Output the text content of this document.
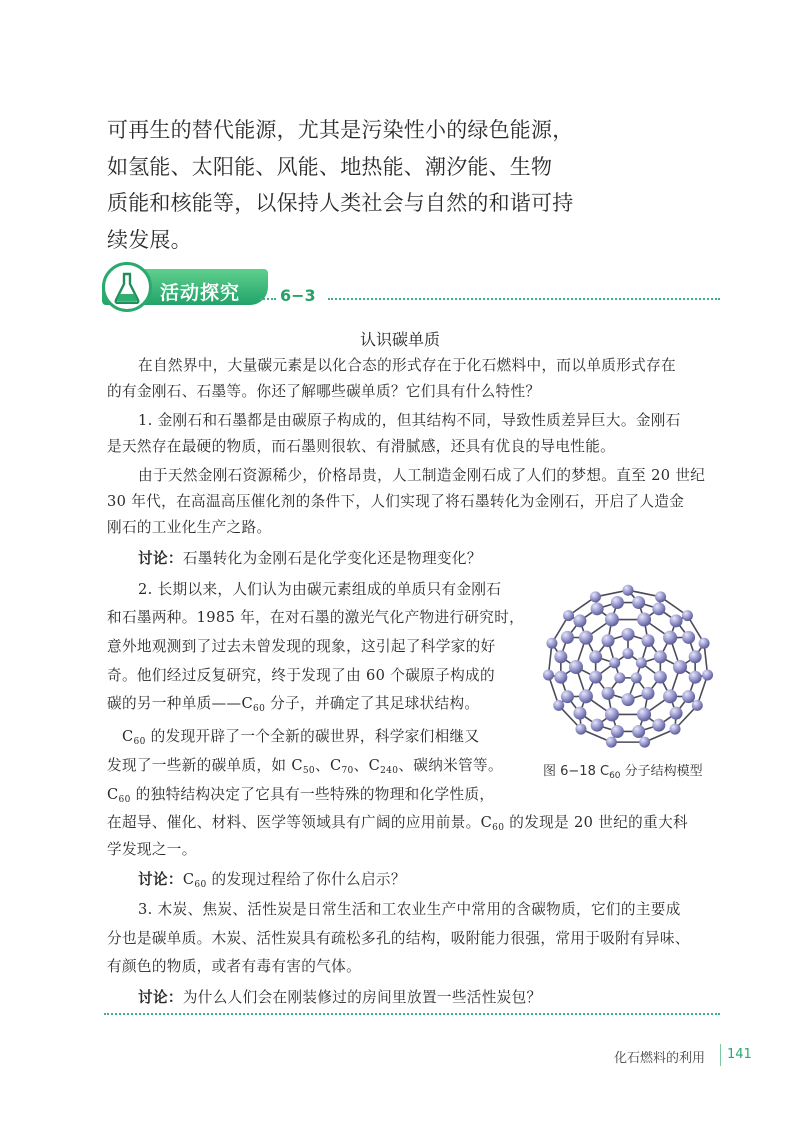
可再生的替代能源，尤其是污染性小的绿色能源，
如氢能、太阳能、风能、地热能、潮汐能、生物
质能和核能等，以保持人类社会与自然的和谐可持
续发展。
活动探究 6−3
认识碳单质
在自然界中，大量碳元素是以化合态的形式存在于化石燃料中，而以单质形式存在
的有金刚石、石墨等。你还了解哪些碳单质？它们具有什么特性？
1. 金刚石和石墨都是由碳原子构成的，但其结构不同，导致性质差异巨大。金刚石
是天然存在最硬的物质，而石墨则很软、有滑腻感，还具有优良的导电性能。
由于天然金刚石资源稀少，价格昂贵，人工制造金刚石成了人们的梦想。直至 20 世纪
30 年代，在高温高压催化剂的条件下，人们实现了将石墨转化为金刚石，开启了人造金
刚石的工业化生产之路。
讨论：石墨转化为金刚石是化学变化还是物理变化？
2. 长期以来，人们认为由碳元素组成的单质只有金刚石
和石墨两种。1985 年，在对石墨的激光气化产物进行研究时，
意外地观测到了过去未曾发现的现象，这引起了科学家的好
奇。他们经过反复研究，终于发现了由 60 个碳原子构成的
碳的另一种单质$——C_{60}$ 分子，并确定了其足球状结构。
$C_{60}$ 的发现开辟了一个全新的碳世界，科学家们相继又
发现了一些新的碳单质，如 $C_{50}$、$C_{70}$、$C_{240}$、碳纳米管等。
$C_{60}$ 的独特结构决定了它具有一些特殊的物理和化学性质，
在超导、催化、材料、医学等领域具有广阔的应用前景。$C_{60}$ 的发现是 20 世纪的重大科
学发现之一。
讨论：$C_{60}$ 的发现过程给了你什么启示？
3. 木炭、焦炭、活性炭是日常生活和工农业生产中常用的含碳物质，它们的主要成
分也是碳单质。木炭、活性炭具有疏松多孔的结构，吸附能力很强，常用于吸附有异味、
有颜色的物质，或者有毒有害的气体。
讨论：为什么人们会在刚装修过的房间里放置一些活性炭包？
图 6−18 $C_{60}$ 分子结构模型
化石燃料的利用 141
